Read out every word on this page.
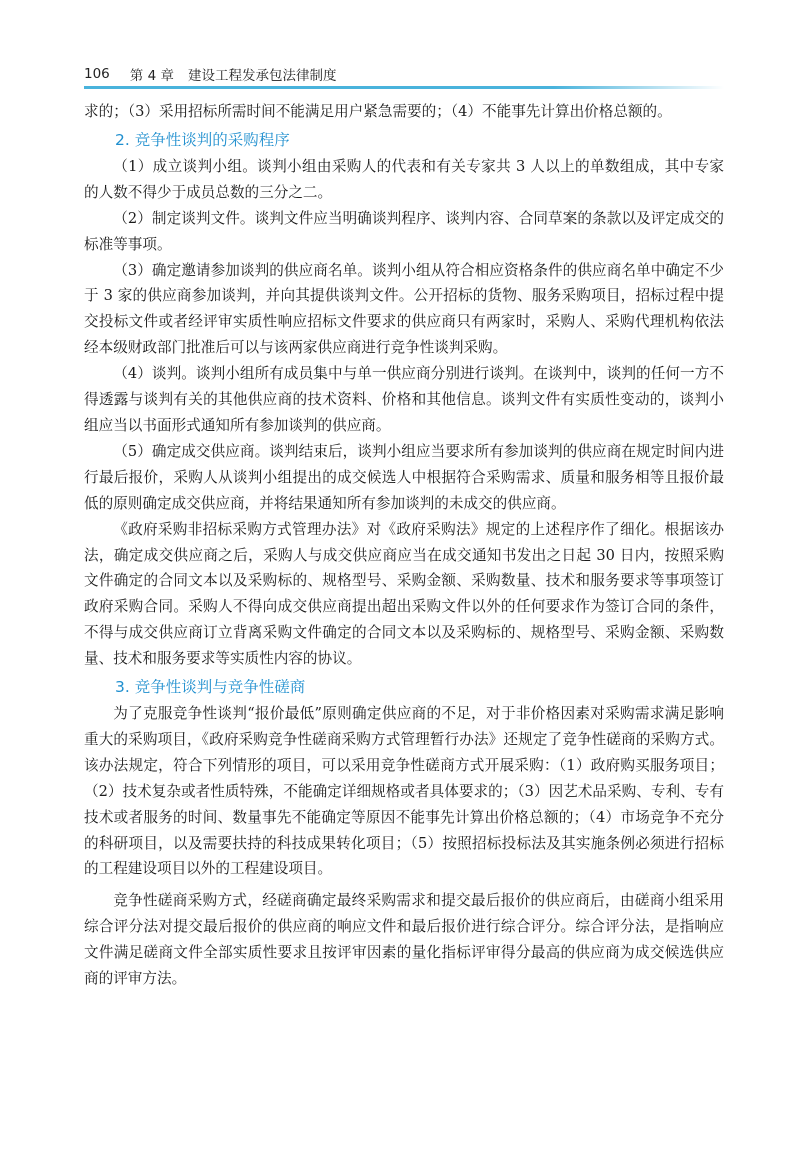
106 第 4 章 建设工程发承包法律制度

求的；（3）采用招标所需时间不能满足用户紧急需要的；（4）不能事先计算出价格总额的。

2. 竞争性谈判的采购程序

（1）成立谈判小组。谈判小组由采购人的代表和有关专家共 3 人以上的单数组成，其中专家的人数不得少于成员总数的三分之二。

（2）制定谈判文件。谈判文件应当明确谈判程序、谈判内容、合同草案的条款以及评定成交的标准等事项。

（3）确定邀请参加谈判的供应商名单。谈判小组从符合相应资格条件的供应商名单中确定不少于 3 家的供应商参加谈判，并向其提供谈判文件。公开招标的货物、服务采购项目，招标过程中提交投标文件或者经评审实质性响应招标文件要求的供应商只有两家时，采购人、采购代理机构依法经本级财政部门批准后可以与该两家供应商进行竞争性谈判采购。

（4）谈判。谈判小组所有成员集中与单一供应商分别进行谈判。在谈判中，谈判的任何一方不得透露与谈判有关的其他供应商的技术资料、价格和其他信息。谈判文件有实质性变动的，谈判小组应当以书面形式通知所有参加谈判的供应商。

（5）确定成交供应商。谈判结束后，谈判小组应当要求所有参加谈判的供应商在规定时间内进行最后报价，采购人从谈判小组提出的成交候选人中根据符合采购需求、质量和服务相等且报价最低的原则确定成交供应商，并将结果通知所有参加谈判的未成交的供应商。

《政府采购非招标采购方式管理办法》对《政府采购法》规定的上述程序作了细化。根据该办法，确定成交供应商之后，采购人与成交供应商应当在成交通知书发出之日起 30 日内，按照采购文件确定的合同文本以及采购标的、规格型号、采购金额、采购数量、技术和服务要求等事项签订政府采购合同。采购人不得向成交供应商提出超出采购文件以外的任何要求作为签订合同的条件，不得与成交供应商订立背离采购文件确定的合同文本以及采购标的、规格型号、采购金额、采购数量、技术和服务要求等实质性内容的协议。

3. 竞争性谈判与竞争性磋商

为了克服竞争性谈判“报价最低”原则确定供应商的不足，对于非价格因素对采购需求满足影响重大的采购项目，《政府采购竞争性磋商采购方式管理暂行办法》还规定了竞争性磋商的采购方式。该办法规定，符合下列情形的项目，可以采用竞争性磋商方式开展采购：（1）政府购买服务项目；（2）技术复杂或者性质特殊，不能确定详细规格或者具体要求的；（3）因艺术品采购、专利、专有技术或者服务的时间、数量事先不能确定等原因不能事先计算出价格总额的；（4）市场竞争不充分的科研项目，以及需要扶持的科技成果转化项目；（5）按照招标投标法及其实施条例必须进行招标的工程建设项目以外的工程建设项目。

竞争性磋商采购方式，经磋商确定最终采购需求和提交最后报价的供应商后，由磋商小组采用综合评分法对提交最后报价的供应商的响应文件和最后报价进行综合评分。综合评分法，是指响应文件满足磋商文件全部实质性要求且按评审因素的量化指标评审得分最高的供应商为成交候选供应商的评审方法。
